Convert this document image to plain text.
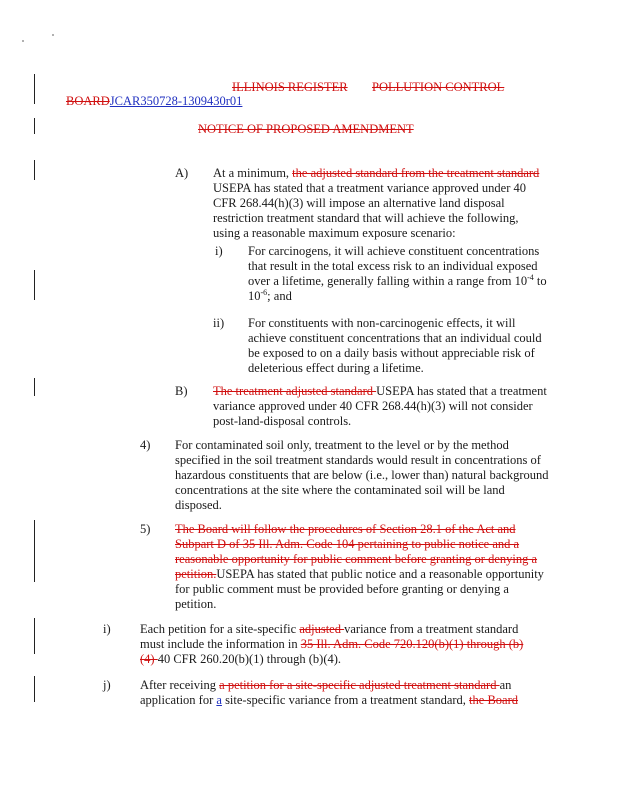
ILLINOIS REGISTER POLLUTION CONTROL
BOARDJCAR350728-1309430r01
NOTICE OF PROPOSED AMENDMENT
A) At a minimum, the adjusted standard from the treatment standard USEPA has stated that a treatment variance approved under 40 CFR 268.44(h)(3) will impose an alternative land disposal restriction treatment standard that will achieve the following, using a reasonable maximum exposure scenario:
i) For carcinogens, it will achieve constituent concentrations that result in the total excess risk to an individual exposed over a lifetime, generally falling within a range from $10^{-4}$ to $10^{-6}$; and
ii) For constituents with non-carcinogenic effects, it will achieve constituent concentrations that an individual could be exposed to on a daily basis without appreciable risk of deleterious effect during a lifetime.
B) The treatment adjusted standard USEPA has stated that a treatment variance approved under 40 CFR 268.44(h)(3) will not consider post-land-disposal controls.
4) For contaminated soil only, treatment to the level or by the method specified in the soil treatment standards would result in concentrations of hazardous constituents that are below (i.e., lower than) natural background concentrations at the site where the contaminated soil will be land disposed.
5) The Board will follow the procedures of Section 28.1 of the Act and Subpart D of 35 Ill. Adm. Code 104 pertaining to public notice and a reasonable opportunity for public comment before granting or denying a petition.USEPA has stated that public notice and a reasonable opportunity for public comment must be provided before granting or denying a petition.
i) Each petition for a site-specific adjusted variance from a treatment standard must include the information in 35 Ill. Adm. Code 720.120(b)(1) through (b)(4) 40 CFR 260.20(b)(1) through (b)(4).
j) After receiving a petition for a site-specific adjusted treatment standard an application for a site-specific variance from a treatment standard, the Board
